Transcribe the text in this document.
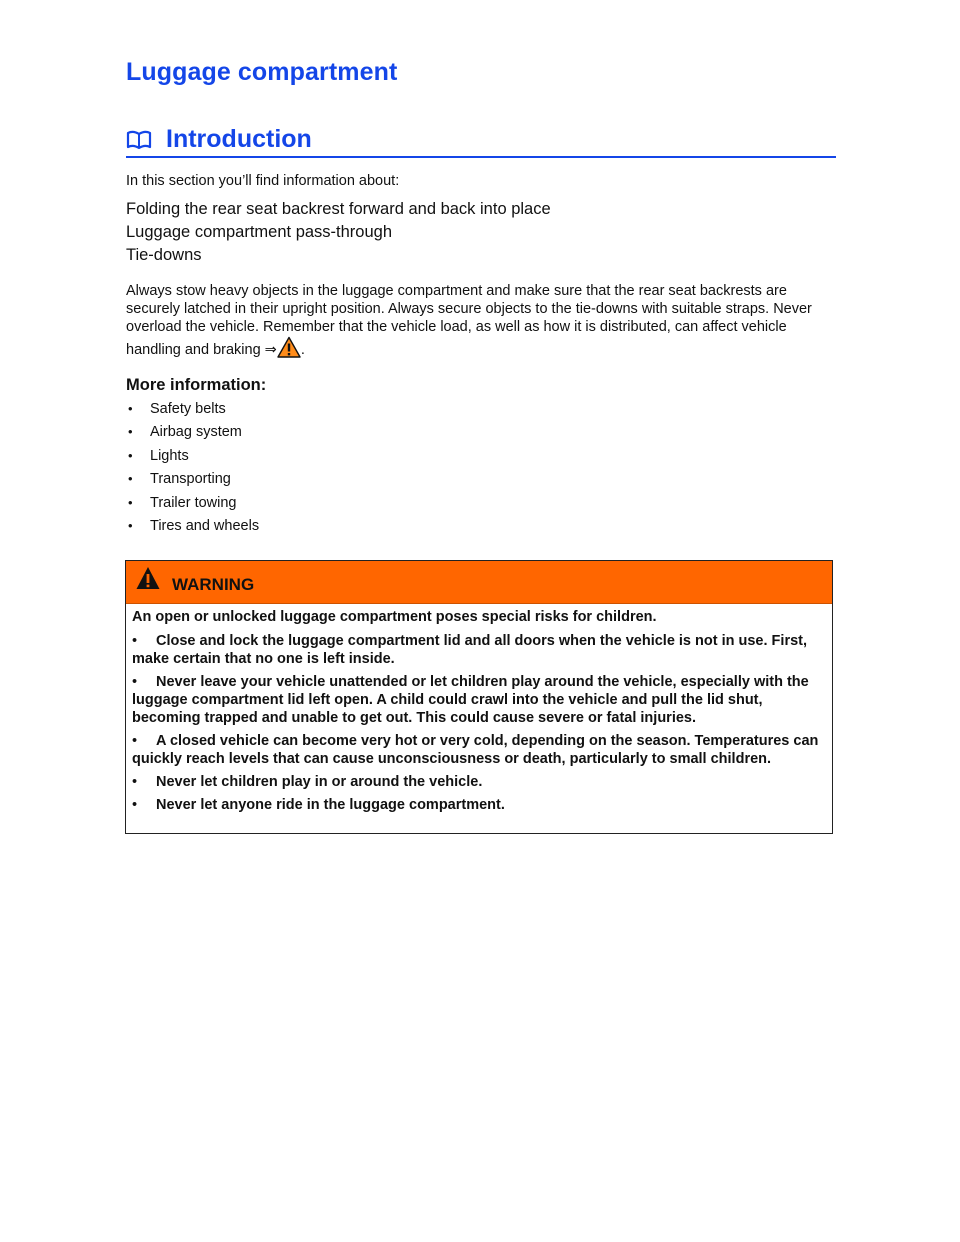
Luggage compartment
Introduction

In this section you’ll find information about:

Folding the rear seat backrest forward and back into place
Luggage compartment pass-through
Tie-downs

Always stow heavy objects in the luggage compartment and make sure that the rear seat backrests are securely latched in their upright position. Always secure objects to the tie-downs with suitable straps. Never overload the vehicle. Remember that the vehicle load, as well as how it is distributed, can affect vehicle handling and braking ⇒ .

More information:
• Safety belts
• Airbag system
• Lights
• Transporting
• Trailer towing
• Tires and wheels
WARNING

An open or unlocked luggage compartment poses special risks for children.

• Close and lock the luggage compartment lid and all doors when the vehicle is not in use. First, make certain that no one is left inside.
• Never leave your vehicle unattended or let children play around the vehicle, especially with the luggage compartment lid left open. A child could crawl into the vehicle and pull the lid shut, becoming trapped and unable to get out. This could cause severe or fatal injuries.
• A closed vehicle can become very hot or very cold, depending on the season. Temperatures can quickly reach levels that can cause unconsciousness or death, particularly to small children.
• Never let children play in or around the vehicle.
• Never let anyone ride in the luggage compartment.
